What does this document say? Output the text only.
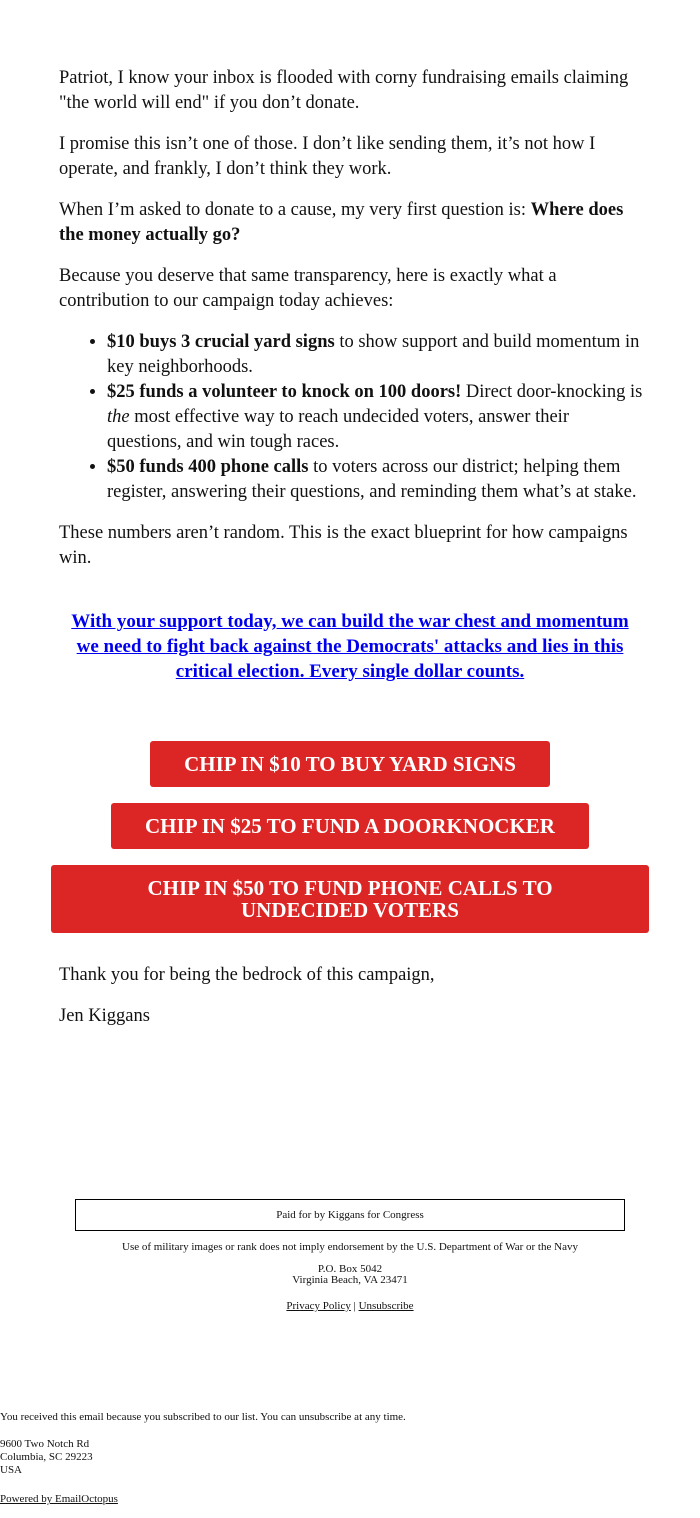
Patriot, I know your inbox is flooded with corny fundraising emails claiming "the world will end" if you don’t donate.

I promise this isn’t one of those. I don’t like sending them, it’s not how I operate, and frankly, I don’t think they work.

When I’m asked to donate to a cause, my very first question is: Where does the money actually go?

Because you deserve that same transparency, here is exactly what a contribution to our campaign today achieves:

• $10 buys 3 crucial yard signs to show support and build momentum in key neighborhoods.
• $25 funds a volunteer to knock on 100 doors! Direct door-knocking is the most effective way to reach undecided voters, answer their questions, and win tough races.
• $50 funds 400 phone calls to voters across our district; helping them register, answering their questions, and reminding them what’s at stake.

These numbers aren’t random. This is the exact blueprint for how campaigns win.

With your support today, we can build the war chest and momentum we need to fight back against the Democrats' attacks and lies in this critical election. Every single dollar counts.
CHIP IN $10 TO BUY YARD SIGNS
CHIP IN $25 TO FUND A DOORKNOCKER
CHIP IN $50 TO FUND PHONE CALLS TO UNDECIDED VOTERS

Thank you for being the bedrock of this campaign,

Jen Kiggans

Paid for by Kiggans for Congress
Use of military images or rank does not imply endorsement by the U.S. Department of War or the Navy
P.O. Box 5042
Virginia Beach, VA 23471
Privacy Policy | Unsubscribe
You received this email because you subscribed to our list. You can unsubscribe at any time.
9600 Two Notch Rd
Columbia, SC 29223
USA
Powered by EmailOctopus
